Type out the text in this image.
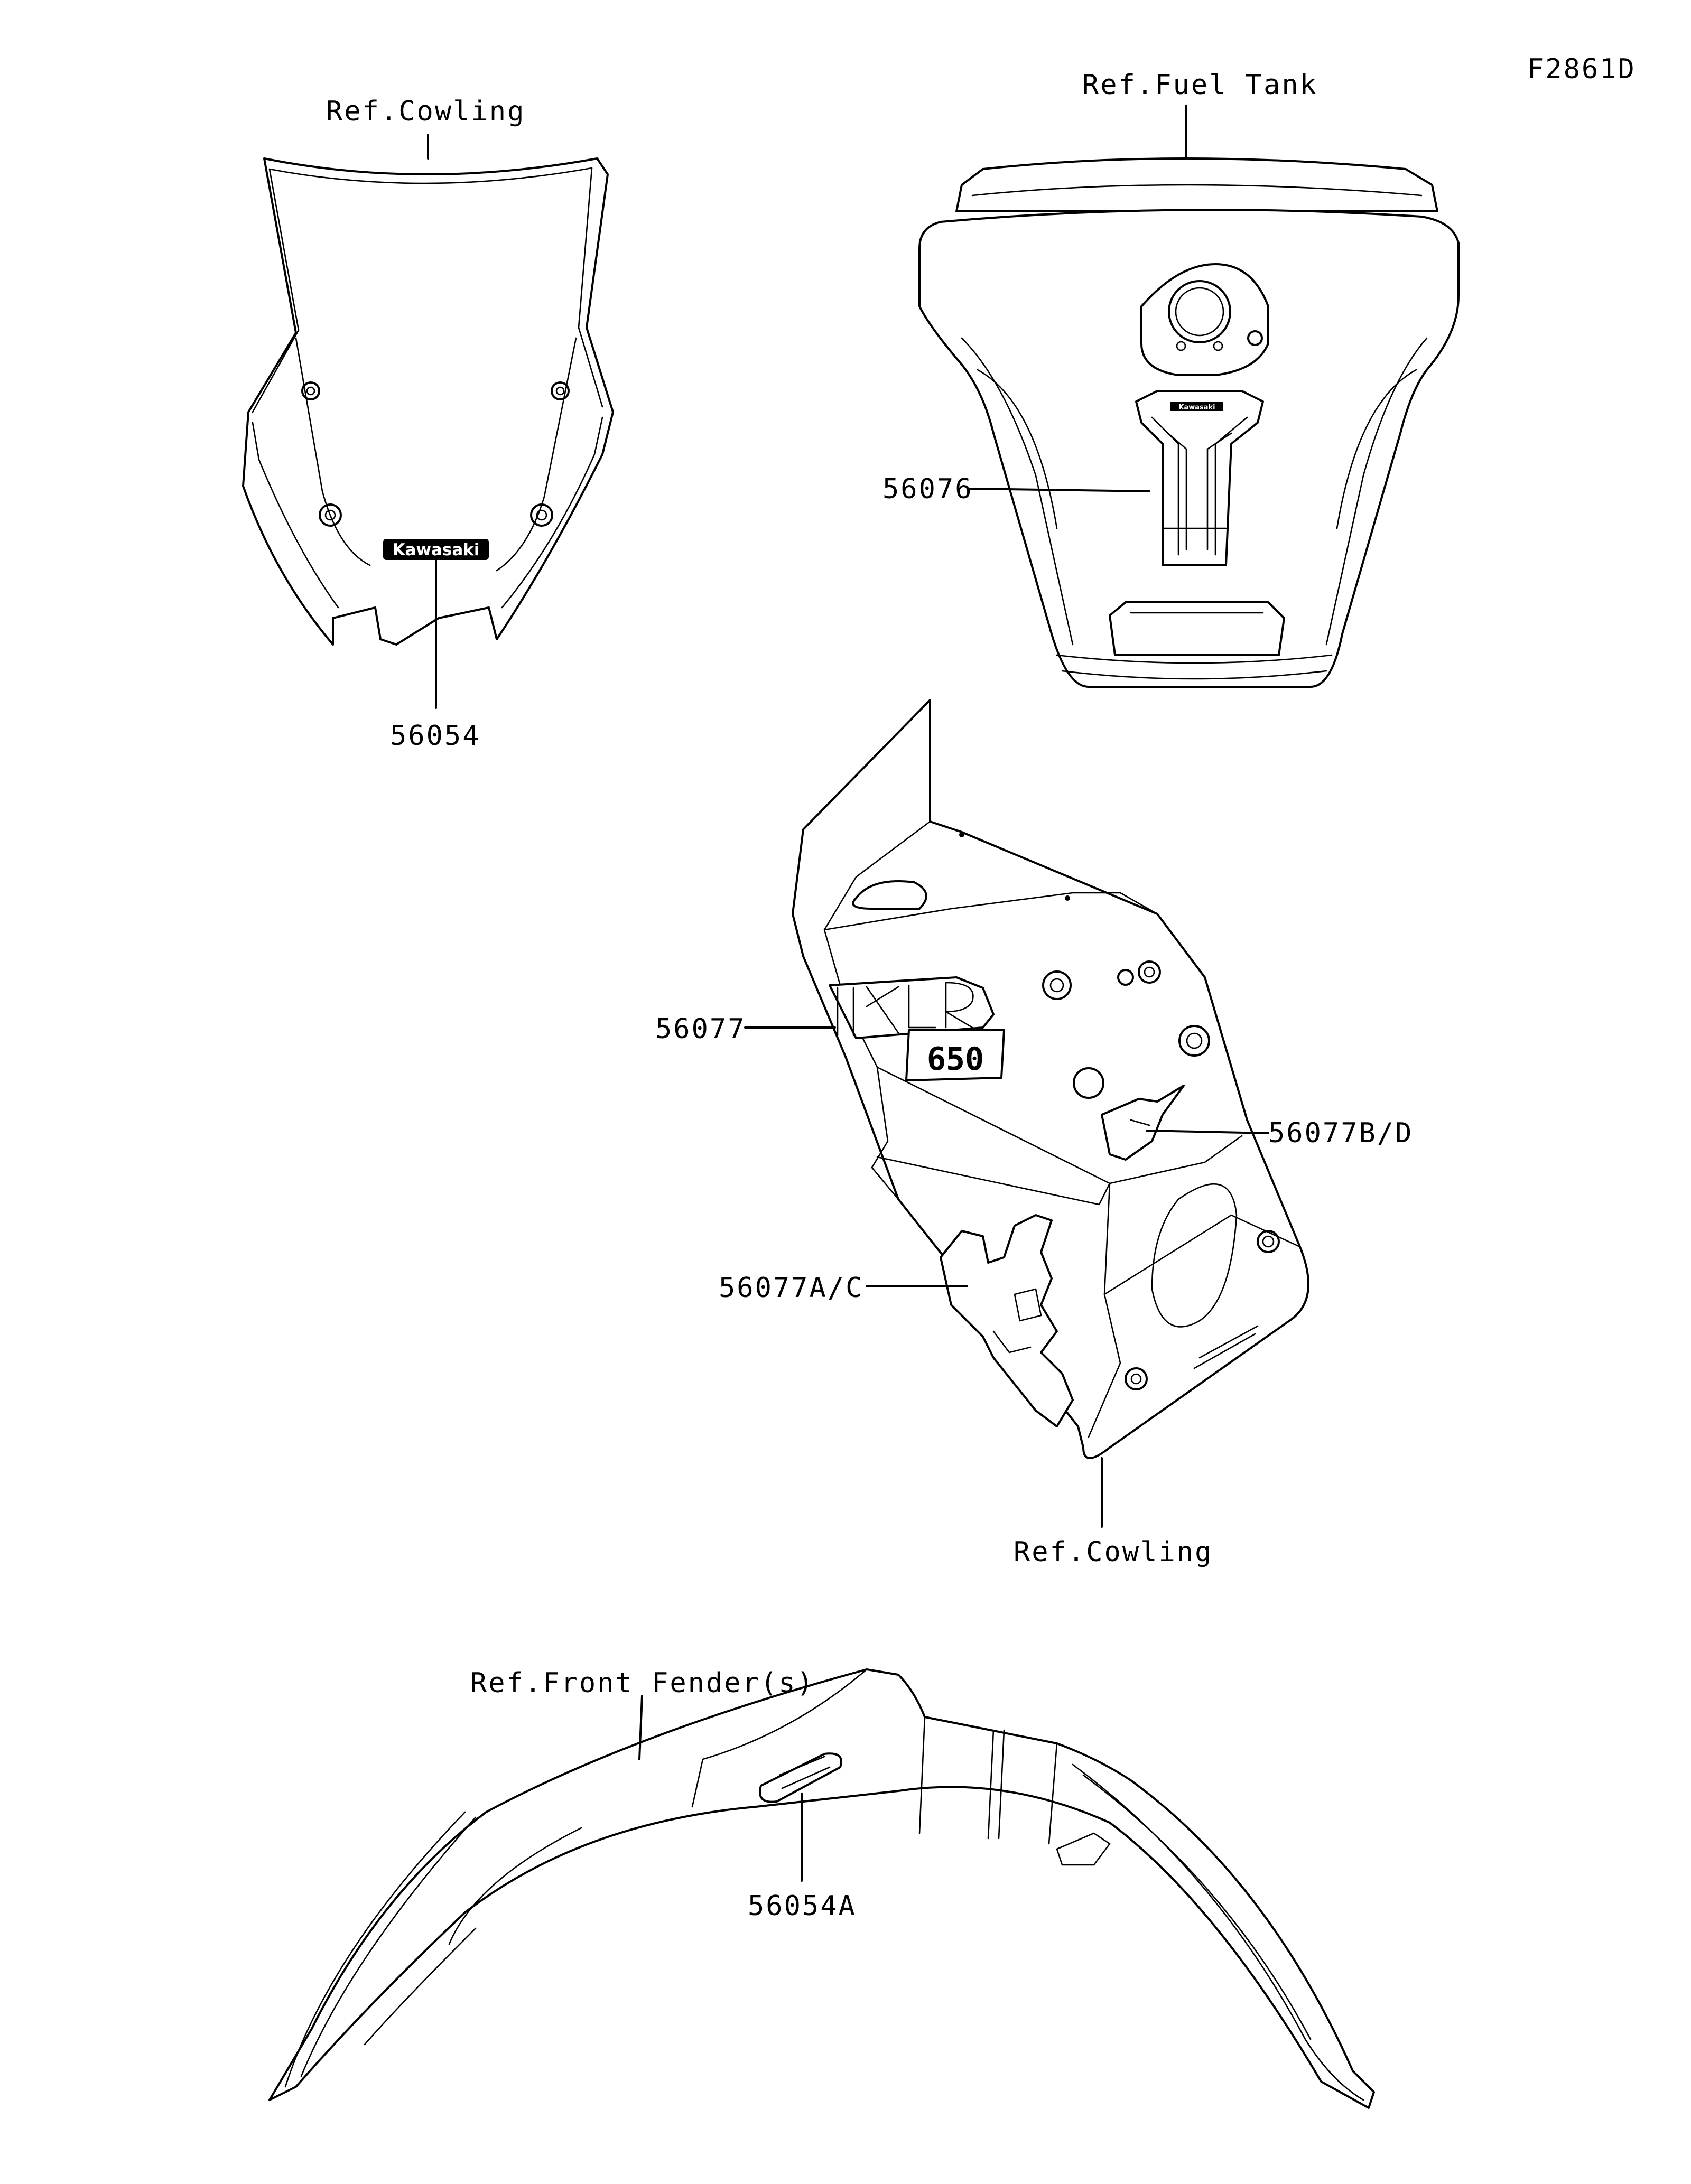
F2861D
Kawasaki
Ref.Cowling
56054
Kawasaki
Ref.Fuel Tank
56076
650
56077
56077B/D
56077A/C
Ref.Cowling
Ref.Front Fender(s)
56054A
